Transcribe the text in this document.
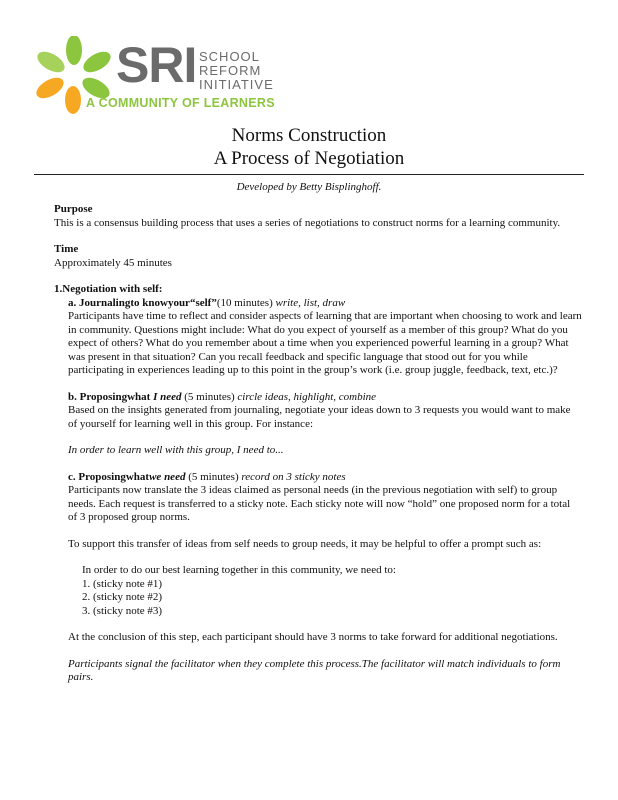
SRI SCHOOL
REFORM
INITIATIVE
A COMMUNITY OF LEARNERS
Norms Construction
A Process of Negotiation
Developed by Betty Bisplinghoff.

Purpose

This is a consensus building process that uses a series of negotiations to construct norms for a learning community.

Time

Approximately 45 minutes

1.Negotiation with self:

a. Journalingto knowyour“self”(10 minutes) write, list, draw

Participants have time to reflect and consider aspects of learning that are important when choosing to work and learn in community. Questions might include: What do you expect of yourself as a member of this group? What do you expect of others? What do you remember about a time when you experienced powerful learning in a group? What was present in that situation? Can you recall feedback and specific language that stood out for you while participating in experiences leading up to this point in the group’s work (i.e. group juggle, feedback, text, etc.)?

b. Proposingwhat I need (5 minutes) circle ideas, highlight, combine

Based on the insights generated from journaling, negotiate your ideas down to 3 requests you would want to make of yourself for learning well in this group. For instance:

In order to learn well with this group, I need to...

c. Proposingwhatwe need (5 minutes) record on 3 sticky notes

Participants now translate the 3 ideas claimed as personal needs (in the previous negotiation with self) to group needs. Each request is transferred to a sticky note. Each sticky note will now “hold” one proposed norm for a total of 3 proposed group norms.

To support this transfer of ideas from self needs to group needs, it may be helpful to offer a prompt such as:

In order to do our best learning together in this community, we need to:

1. (sticky note #1)

2. (sticky note #2)

3. (sticky note #3)

At the conclusion of this step, each participant should have 3 norms to take forward for additional negotiations.

Participants signal the facilitator when they complete this process.The facilitator will match individuals to form pairs.
